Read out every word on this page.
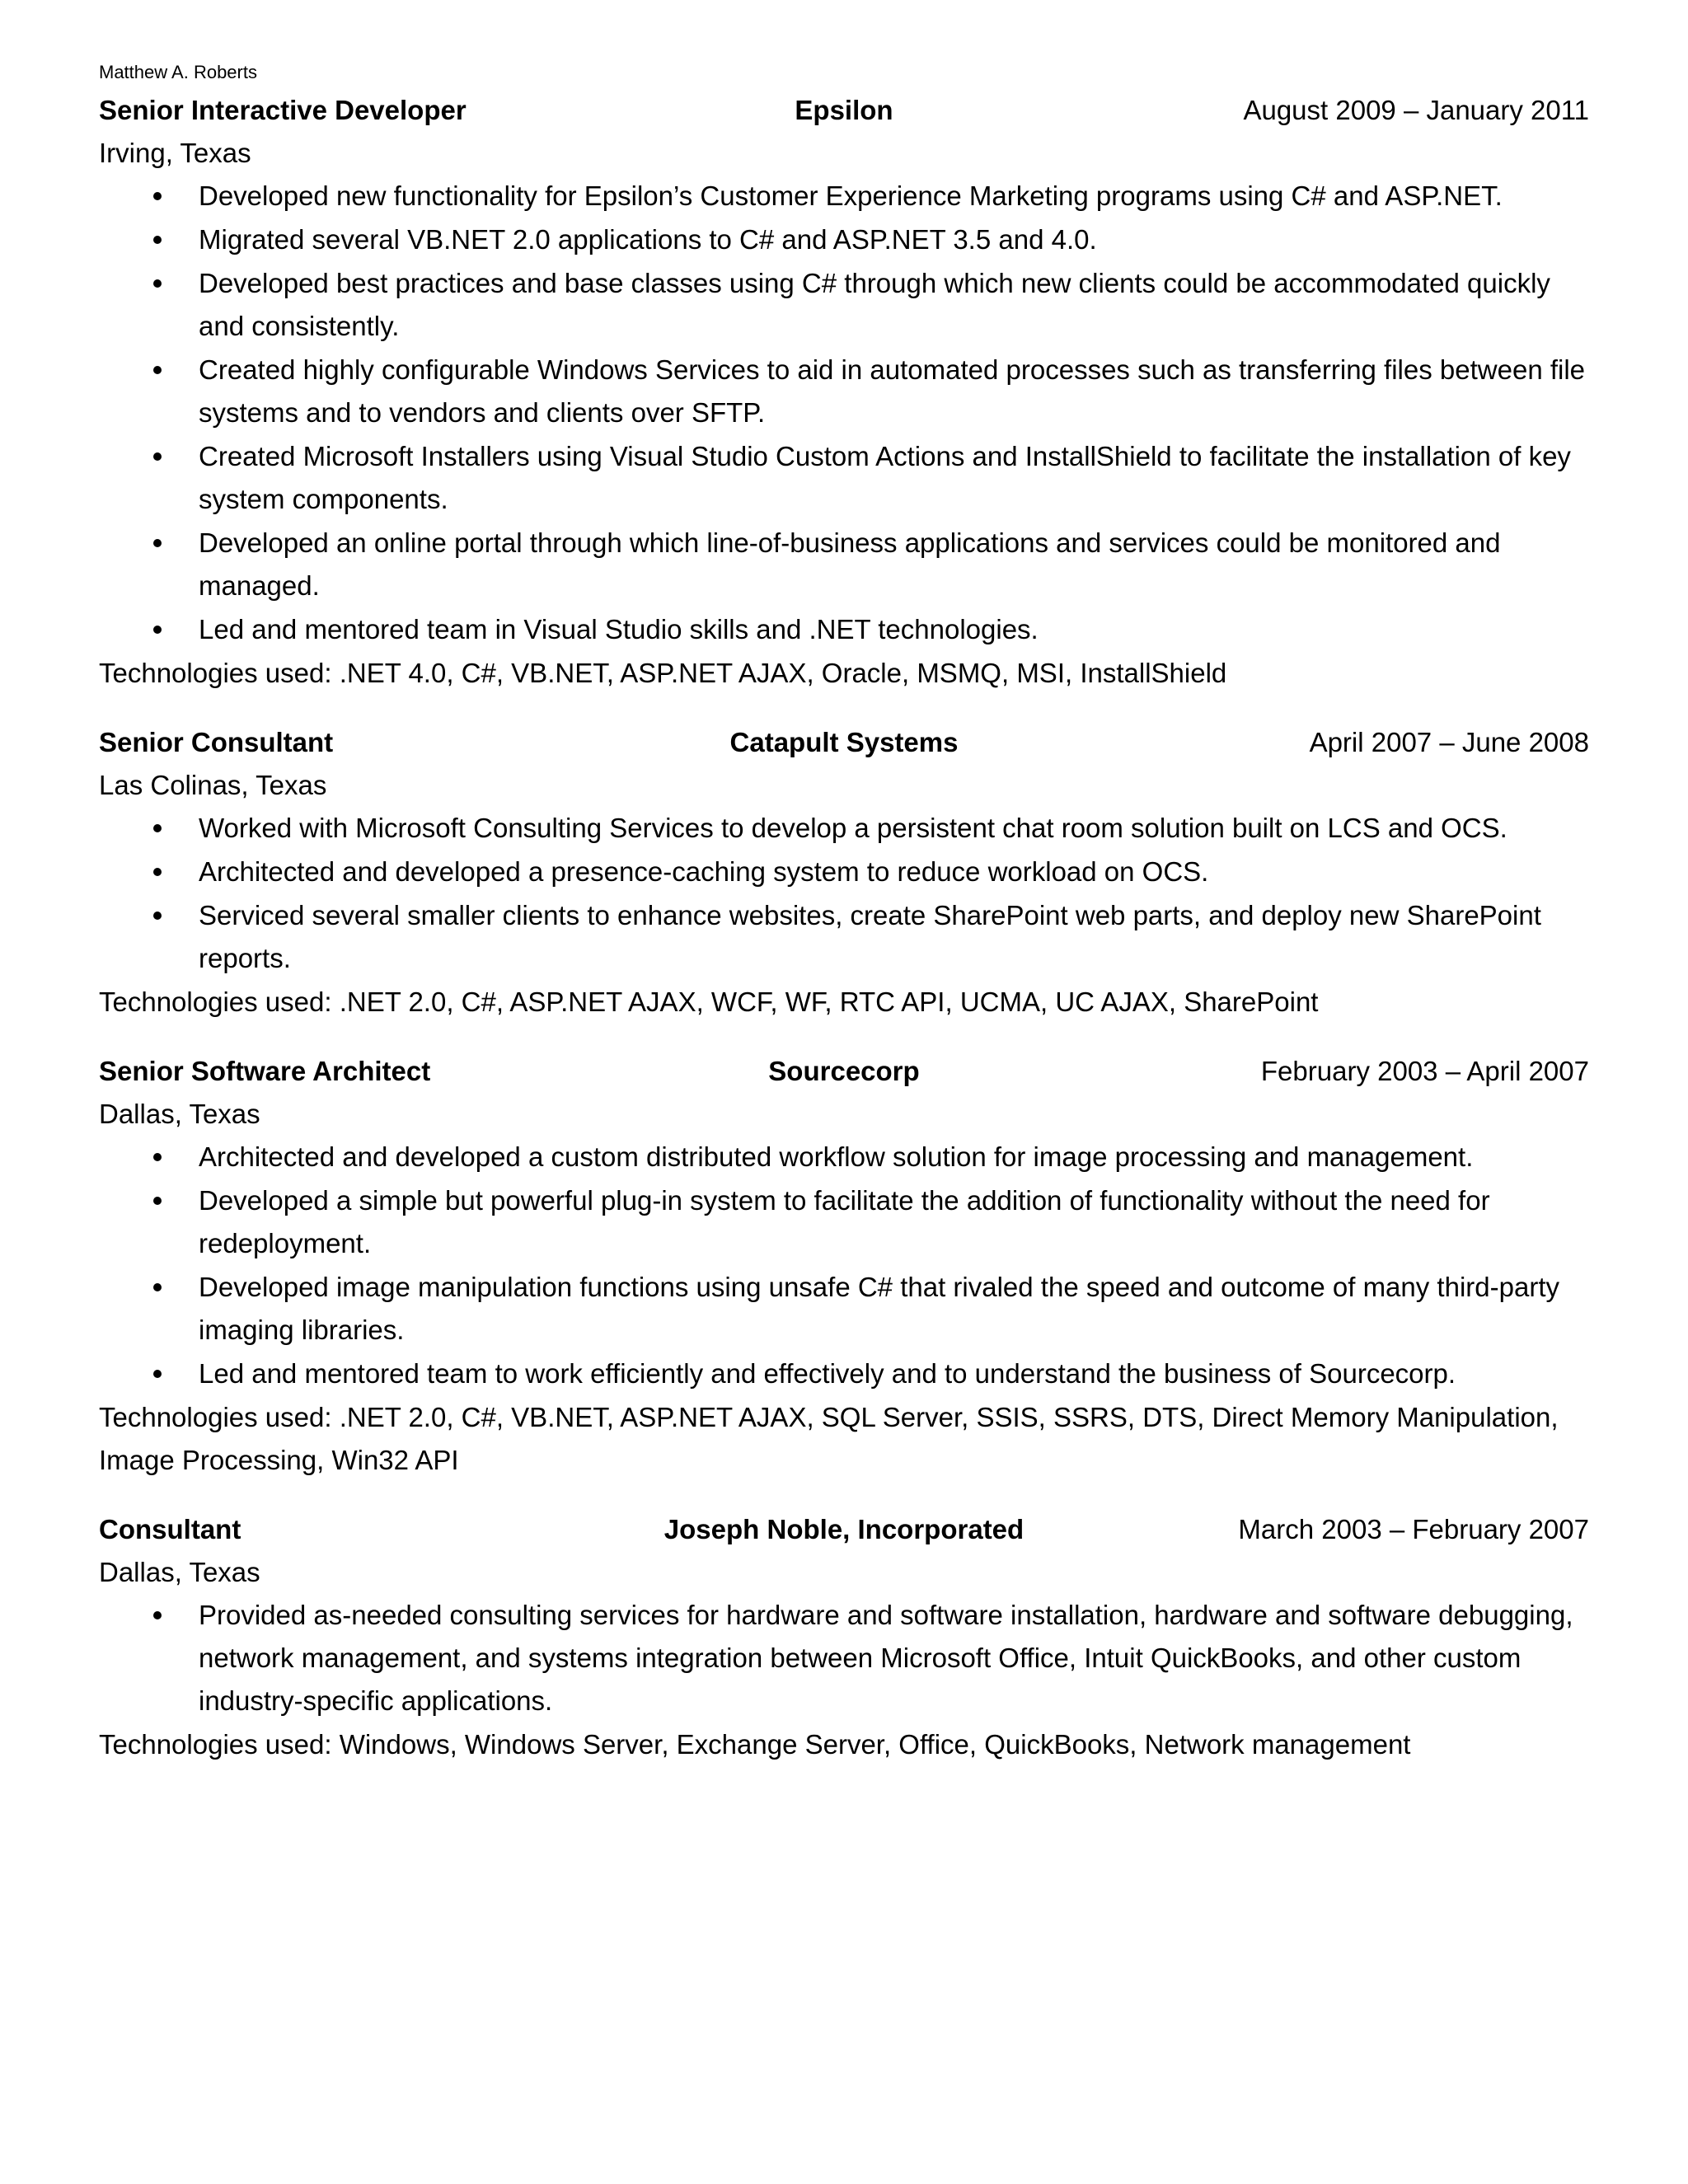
Matthew A. Roberts
Epsilon
Senior Interactive Developer	August 2009 – January 2011
Irving, Texas
Developed new functionality for Epsilon’s Customer Experience Marketing programs using C# and ASP.NET.
Migrated several VB.NET 2.0 applications to C# and ASP.NET 3.5 and 4.0.
Developed best practices and base classes using C# through which new clients could be accommodated quickly and consistently.
Created highly configurable Windows Services to aid in automated processes such as transferring files between file systems and to vendors and clients over SFTP.
Created Microsoft Installers using Visual Studio Custom Actions and InstallShield to facilitate the installation of key system components.
Developed an online portal through which line-of-business applications and services could be monitored and managed.
Led and mentored team in Visual Studio skills and .NET technologies.
Technologies used: .NET 4.0, C#, VB.NET, ASP.NET AJAX, Oracle, MSMQ, MSI, InstallShield
Catapult Systems
Senior Consultant	April 2007 – June 2008
Las Colinas, Texas
Worked with Microsoft Consulting Services to develop a persistent chat room solution built on LCS and OCS.
Architected and developed a presence-caching system to reduce workload on OCS.
Serviced several smaller clients to enhance websites, create SharePoint web parts, and deploy new SharePoint reports.
Technologies used: .NET 2.0, C#, ASP.NET AJAX, WCF, WF, RTC API, UCMA, UC AJAX, SharePoint
Sourcecorp
Senior Software Architect	February 2003 – April 2007
Dallas, Texas
Architected and developed a custom distributed workflow solution for image processing and management.
Developed a simple but powerful plug-in system to facilitate the addition of functionality without the need for redeployment.
Developed image manipulation functions using unsafe C# that rivaled the speed and outcome of many third-party imaging libraries.
Led and mentored team to work efficiently and effectively and to understand the business of Sourcecorp.
Technologies used: .NET 2.0, C#, VB.NET, ASP.NET AJAX, SQL Server, SSIS, SSRS, DTS, Direct Memory Manipulation, Image Processing, Win32 API
Joseph Noble, Incorporated
Consultant	March 2003 – February 2007
Dallas, Texas
Provided as-needed consulting services for hardware and software installation, hardware and software debugging, network management, and systems integration between Microsoft Office, Intuit QuickBooks, and other custom industry-specific applications.
Technologies used: Windows, Windows Server, Exchange Server, Office, QuickBooks, Network management
